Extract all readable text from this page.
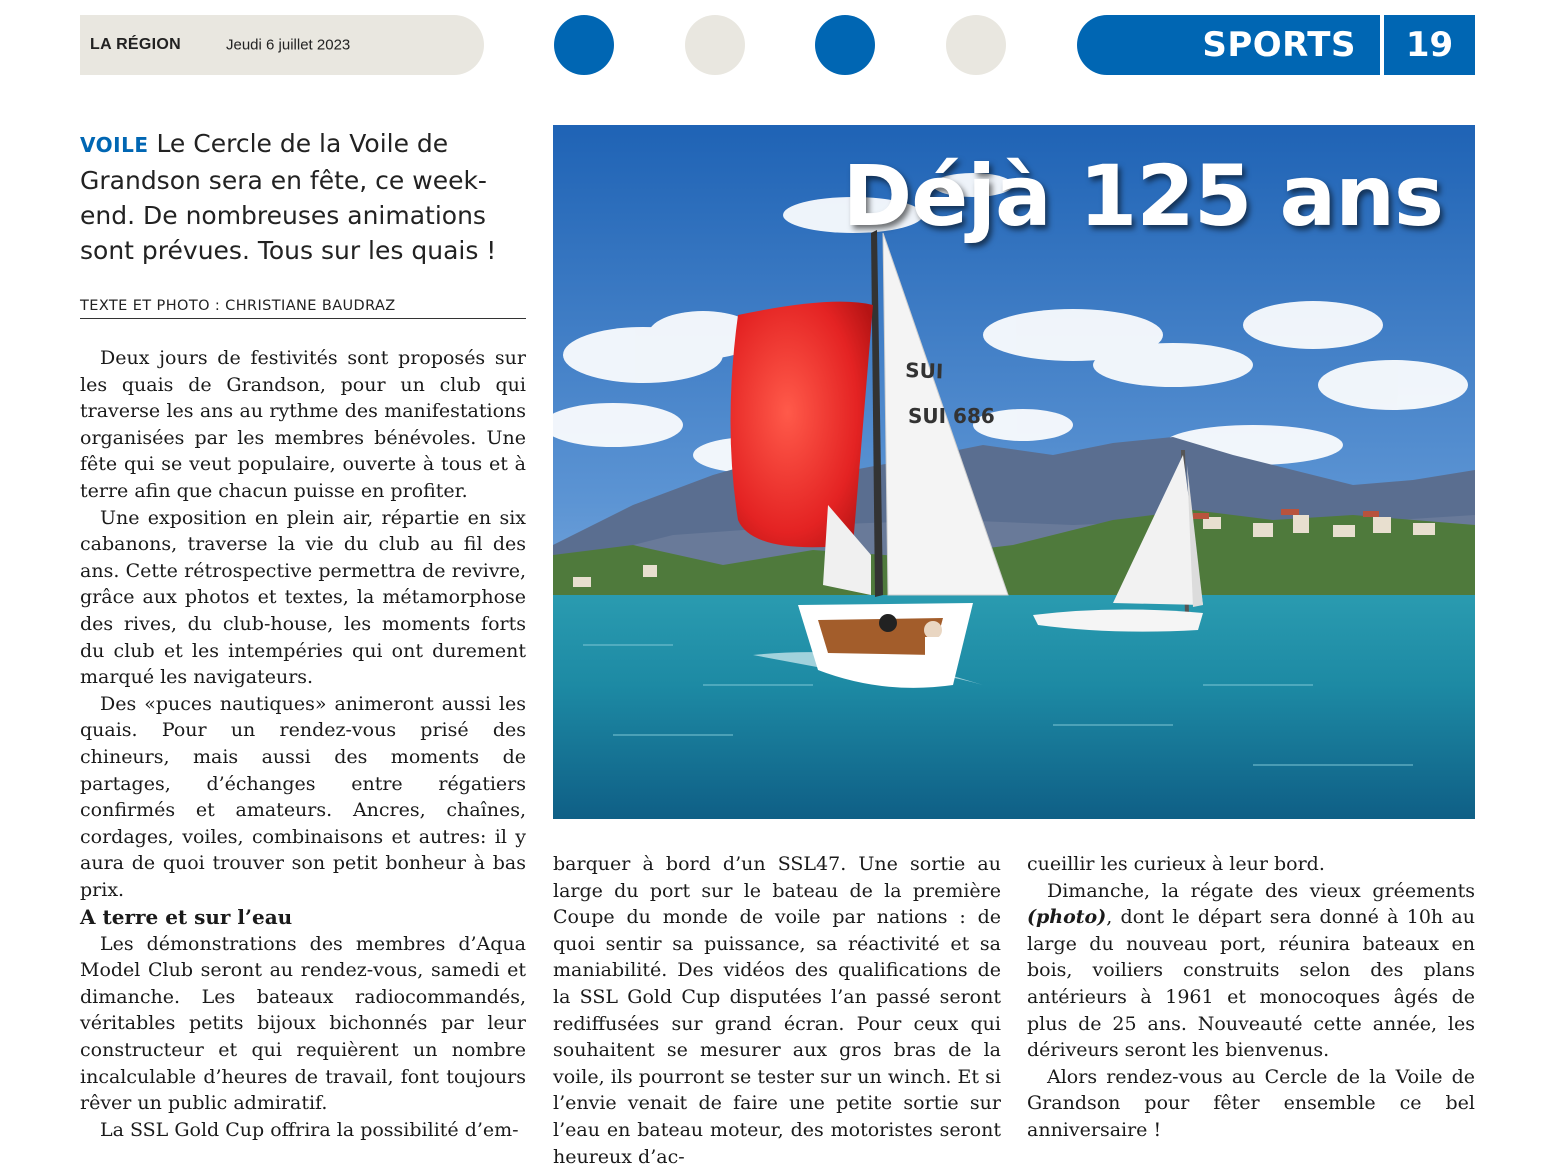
LA RÉGION	Jeudi 6 juillet 2023	SPORTS	19
VOILE Le Cercle de la Voile de Grandson sera en fête, ce week-end. De nombreuses animations sont prévues. Tous sur les quais !
TEXTE ET PHOTO : CHRISTIANE BAUDRAZ

Deux jours de festivités sont proposés sur les quais de Grandson, pour un club qui traverse les ans au rythme des manifestations organisées par les membres bénévoles. Une fête qui se veut populaire, ouverte à tous et à terre afin que chacun puisse en profiter.

Une exposition en plein air, répartie en six cabanons, traverse la vie du club au fil des ans. Cette rétrospective permettra de revivre, grâce aux photos et textes, la métamorphose des rives, du club-house, les moments forts du club et les intempéries qui ont durement marqué les navigateurs.

Des «puces nautiques» animeront aussi les quais. Pour un rendez-vous prisé des chineurs, mais aussi des moments de partages, d’échanges entre régatiers confirmés et amateurs. Ancres, chaînes, cordages, voiles, combinaisons et autres: il y aura de quoi trouver son petit bonheur à bas prix.

A terre et sur l’eau

Les démonstrations des membres d’Aqua Model Club seront au rendez-vous, samedi et dimanche. Les bateaux radiocommandés, véritables petits bijoux bichonnés par leur constructeur et qui requièrent un nombre incalculable d’heures de travail, font toujours rêver un public admiratif.

La SSL Gold Cup offrira la possibilité d’em-

barquer à bord d’un SSL47. Une sortie au large du port sur le bateau de la première Coupe du monde de voile par nations : de quoi sentir sa puissance, sa réactivité et sa maniabilité. Des vidéos des qualifications de la SSL Gold Cup disputées l’an passé seront rediffusées sur grand écran. Pour ceux qui souhaitent se mesurer aux gros bras de la voile, ils pourront se tester sur un winch. Et si l’envie venait de faire une petite sortie sur l’eau en bateau moteur, des motoristes seront heureux d’ac-

cueillir les curieux à leur bord.

Dimanche, la régate des vieux gréements (photo), dont le départ sera donné à 10h au large du nouveau port, réunira bateaux en bois, voiliers construits selon des plans antérieurs à 1961 et monocoques âgés de plus de 25 ans. Nouveauté cette année, les dériveurs seront les bienvenus.

Alors rendez-vous au Cercle de la Voile de Grandson pour fêter ensemble ce bel anniversaire !

SUI
SUI 686
Déjà 125 ans
